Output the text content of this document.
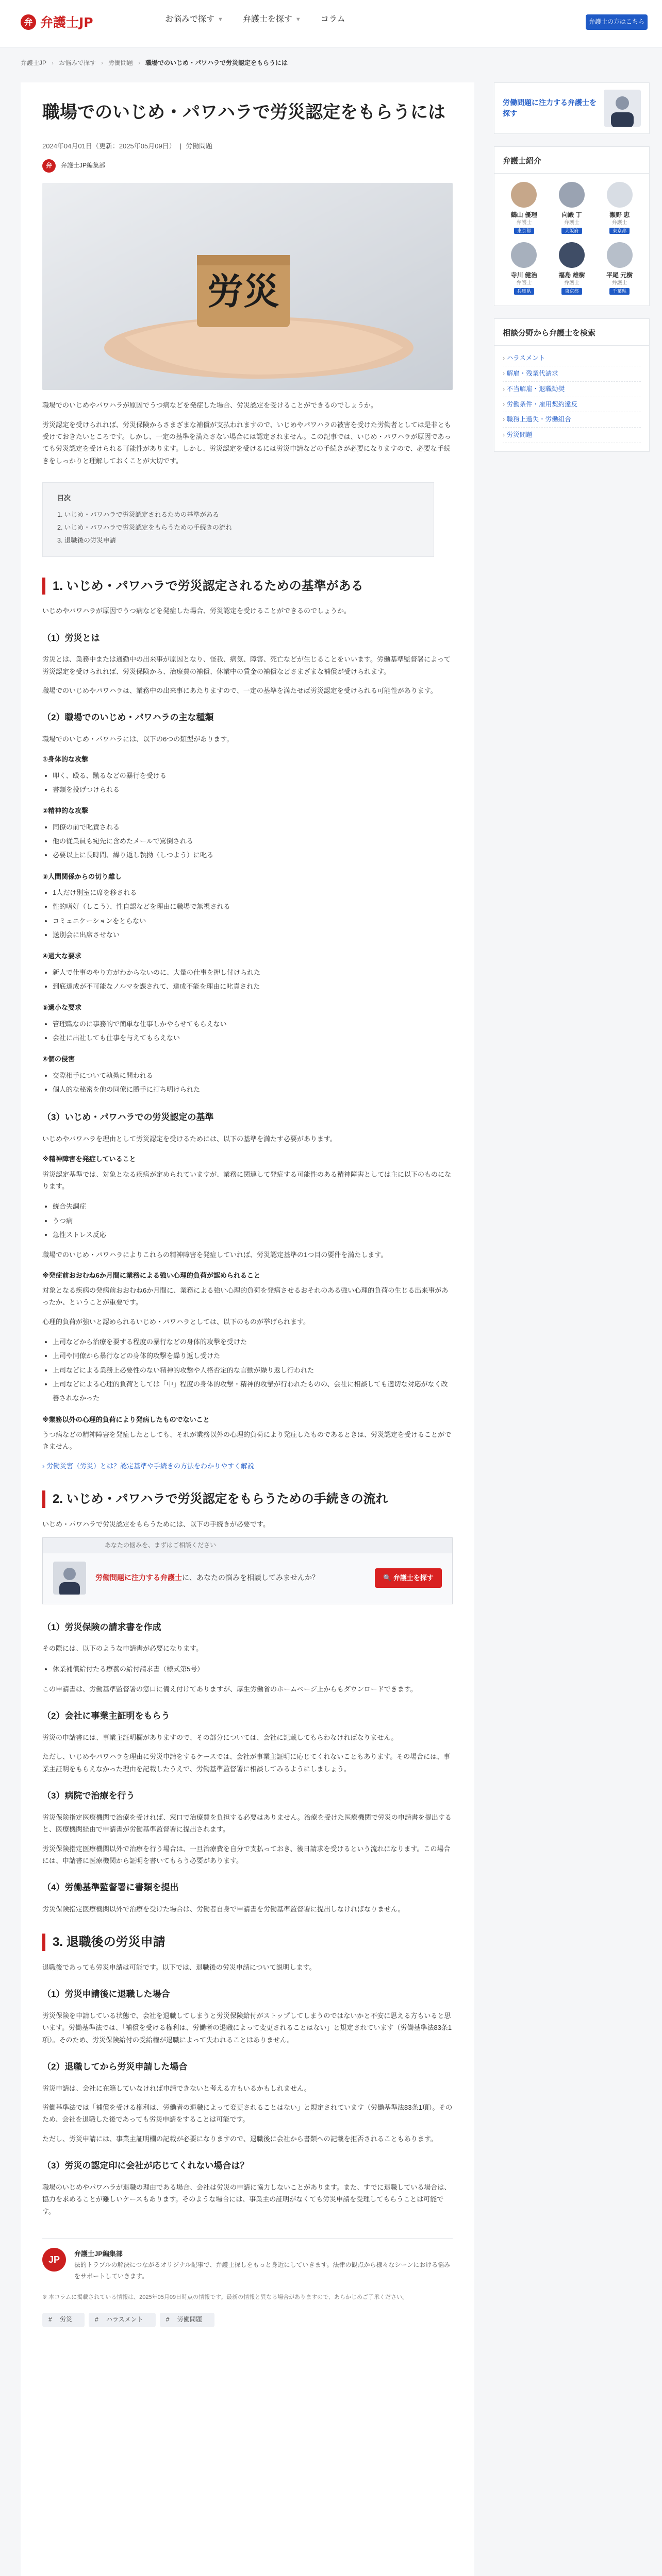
弁 弁護士JP	お悩みで探す ▼ 弁護士を探す ▼ コラム	弁護士の方はこちら
弁護士JP › お悩みで探す › 労働問題 › 職場でのいじめ・パワハラで労災認定をもらうには
職場でのいじめ・パワハラで労災認定をもらうには
2024年04月01日（更新：2025年05月09日） | 労働問題
弁	弁護士JP編集部
労災

職場でのいじめやパワハラが原因でうつ病などを発症した場合、労災認定を受けることができるのでしょうか。

労災認定を受けられれば、労災保険からさまざまな補償が支払われますので、いじめやパワハラの被害を受けた労働者としては是非とも受けておきたいところです。しかし、一定の基準を満たさない場合には認定されません。この記事では、いじめ・パワハラが原因であっても労災認定を受けられる可能性があります。しかし、労災認定を受けるには労災申請などの手続きが必要になりますので、必要な手続きをしっかりと理解しておくことが大切です。

目次
1. いじめ・パワハラで労災認定されるための基準がある
2. いじめ・パワハラで労災認定をもらうための手続きの流れ
3. 退職後の労災申請
1. いじめ・パワハラで労災認定されるための基準がある

いじめやパワハラが原因でうつ病などを発症した場合、労災認定を受けることができるのでしょうか。

（1）労災とは

労災とは、業務中または通勤中の出来事が原因となり、怪我、病気、障害、死亡などが生じることをいいます。労働基準監督署によって労災認定を受けられれば、労災保険から、治療費の補償、休業中の賃金の補償などさまざまな補償が受けられます。

職場でのいじめやパワハラは、業務中の出来事にあたりますので、一定の基準を満たせば労災認定を受けられる可能性があります。

（2）職場でのいじめ・パワハラの主な種類

職場でのいじめ・パワハラには、以下の6つの類型があります。

①身体的な攻撃
• 叩く、殴る、蹴るなどの暴行を受ける
• 書類を投げつけられる
②精神的な攻撃
• 同僚の前で叱責される
• 他の従業員も宛先に含めたメールで罵倒される
• 必要以上に長時間、繰り返し執拗（しつよう）に叱る
③人間関係からの切り離し
• 1人だけ別室に席を移される
• 性的嗜好（しこう）、性自認などを理由に職場で無視される
• コミュニケーションをとらない
• 送別会に出席させない
④過大な要求
• 新人で仕事のやり方がわからないのに、大量の仕事を押し付けられた
• 到底達成が不可能なノルマを課されて、達成不能を理由に叱責された
⑤過小な要求
• 管理職なのに事務的で簡単な仕事しかやらせてもらえない
• 会社に出社しても仕事を与えてもらえない
⑥個の侵害
• 交際相手について執拗に問われる
• 個人的な秘密を他の同僚に勝手に打ち明けられた
（3）いじめ・パワハラでの労災認定の基準

いじめやパワハラを理由として労災認定を受けるためには、以下の基準を満たす必要があります。

※精神障害を発症していること

労災認定基準では、対象となる疾病が定められていますが、業務に関連して発症する可能性のある精神障害としては主に以下のものになります。

• 統合失調症
• うつ病
• 急性ストレス反応

職場でのいじめ・パワハラによりこれらの精神障害を発症していれば、労災認定基準の1つ目の要件を満たします。

※発症前おおむね6か月間に業務による強い心理的負荷が認められること

対象となる疾病の発病前おおむね6か月間に、業務による強い心理的負荷を発病させるおそれのある強い心理的負荷の生じる出来事があったか、ということが重要です。

心理的負荷が強いと認められるいじめ・パワハラとしては、以下のものが挙げられます。

• 上司などから治療を要する程度の暴行などの身体的攻撃を受けた
• 上司や同僚から暴行などの身体的攻撃を繰り返し受けた
• 上司などによる業務上必要性のない精神的攻撃や人格否定的な言動が繰り返し行われた
• 上司などによる心理的負荷としては「中」程度の身体的攻撃・精神的攻撃が行われたものの、会社に相談しても適切な対応がなく改善されなかった
※業務以外の心理的負荷により発病したものでないこと

うつ病などの精神障害を発症したとしても、それが業務以外の心理的負荷により発症したものであるときは、労災認定を受けることができません。

› 労働災害（労災）とは？認定基準や手続きの方法をわかりやすく解説
2. いじめ・パワハラで労災認定をもらうための手続きの流れ

いじめ・パワハラで労災認定をもらうためには、以下の手続きが必要です。

あなたの悩みを、まずはご相談ください
労働問題に注力する弁護士に、あなたの悩みを相談してみませんか？	🔍 弁護士を探す
（1）労災保険の請求書を作成

その際には、以下のような申請書が必要になります。

• 休業補償給付たる療養の給付請求書（様式第5号）

この申請書は、労働基準監督署の窓口に備え付けてありますが、厚生労働省のホームページ上からもダウンロードできます。

（2）会社に事業主証明をもらう

労災の申請書には、事業主証明欄がありますので、その部分については、会社に記載してもらわなければなりません。

ただし、いじめやパワハラを理由に労災申請をするケースでは、会社が事業主証明に応じてくれないこともあります。その場合には、事業主証明をもらえなかった理由を記載したうえで、労働基準監督署に相談してみるようにしましょう。

（3）病院で治療を行う

労災保険指定医療機関で治療を受ければ、窓口で治療費を負担する必要はありません。治療を受けた医療機関で労災の申請書を提出すると、医療機関経由で申請書が労働基準監督署に提出されます。

労災保険指定医療機関以外で治療を行う場合は、一旦治療費を自分で支払っておき、後日請求を受けるという流れになります。この場合には、申請書に医療機関から証明を書いてもらう必要があります。

（4）労働基準監督署に書類を提出

労災保険指定医療機関以外で治療を受けた場合は、労働者自身で申請書を労働基準監督署に提出しなければなりません。

3. 退職後の労災申請

退職後であっても労災申請は可能です。以下では、退職後の労災申請について説明します。

（1）労災申請後に退職した場合

労災保険を申請している状態で、会社を退職してしまうと労災保険給付がストップしてしまうのではないかと不安に思える方もいると思います。労働基準法では、「補償を受ける権利は、労働者の退職によって変更されることはない」と規定されています（労働基準法83条1項）。そのため、労災保険給付の受給権が退職によって失われることはありません。

（2）退職してから労災申請した場合

労災申請は、会社に在籍していなければ申請できないと考える方もいるかもしれません。

労働基準法では「補償を受ける権利は、労働者の退職によって変更されることはない」と規定されています（労働基準法83条1項）。そのため、会社を退職した後であっても労災申請をすることは可能です。

ただし、労災申請には、事業主証明欄の記載が必要になりますので、退職後に会社から書類への記載を拒否されることもあります。

（3）労災の認定印に会社が応じてくれない場合は？

職場のいじめやパワハラが退職の理由である場合、会社は労災の申請に協力しないことがあります。また、すでに退職している場合は、協力を求めることが難しいケースもあります。そのような場合には、事業主の証明がなくても労災申請を受理してもらうことは可能です。

JP
弁護士JP編集部
法的トラブルの解決につながるオリジナル記事で、弁護士探しをもっと身近にしていきます。法律の観点から様々なシーンにおける悩みをサポートしていきます。

※ 本コラムに掲載されている情報は、2025年05月09日時点の情報です。最新の情報と異なる場合がありますので、あらかじめご了承ください。

# 労災	# ハラスメント	# 労働問題
労働問題に注力する弁護士を探す
弁護士紹介
鶴山 優理
弁護士
東京都
向殿 丁
弁護士
大阪府
瀬野 恵
弁護士
東京都
寺川 健治
弁護士
兵庫県
福島 雄樹
弁護士
東京都
平尾 元樹
弁護士
千葉県
相談分野から弁護士を検索
› ハラスメント
› 解雇・残業代請求
› 不当解雇・退職勧奨
› 労働条件・雇用契約違反
› 職務上過失・労働組合
› 労災問題
